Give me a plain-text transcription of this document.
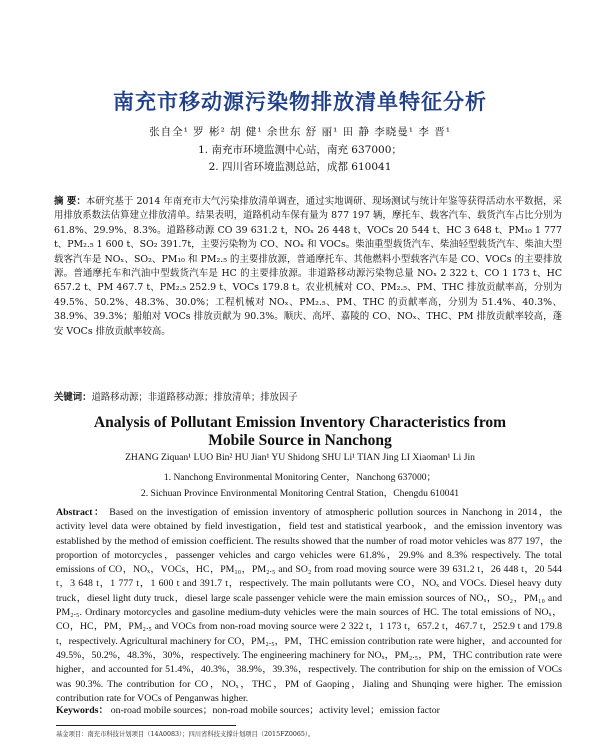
南充市移动源污染物排放清单特征分析
张自全¹ 罗 彬² 胡 健¹ 余世东 舒 丽¹ 田 静 李晓曼¹ 李 晋¹
1. 南充市环境监测中心站，南充 637000；
2. 四川省环境监测总站，成都 610041
摘 要：本研究基于 2014 年南充市大气污染排放清单调查，通过实地调研、现场测试与统计年鉴等获得活动水平数据，采用排放系数法估算建立排放清单。结果表明，道路机动车保有量为 877 197 辆，摩托车、载客汽车、载货汽车占比分别为 61.8%、29.9%、8.3%。道路移动源 CO 39 631.2 t，NOₓ 26 448 t、VOCs 20 544 t、HC 3 648 t、PM₁₀ 1 777 t、PM₂.₅ 1 600 t、SO₂ 391.7t，主要污染物为 CO、NOₓ 和 VOCs。柴油重型载货汽车、柴油轻型载货汽车、柴油大型载客汽车是 NOₓ、SO₂、PM₁₀ 和 PM₂.₅ 的主要排放源，普通摩托车、其他燃料小型载客汽车是 CO、VOCs 的主要排放源。普通摩托车和汽油中型载货汽车是 HC 的主要排放源。非道路移动源污染物总量 NOₓ 2 322 t、CO 1 173 t、HC 657.2 t、PM 467.7 t、PM₂.₅ 252.9 t、VOCs 179.8 t。农业机械对 CO、PM₂.₅、PM、THC 排放贡献率高，分别为 49.5%、50.2%、48.3%、30.0%；工程机械对 NOₓ、PM₂.₅、PM、THC 的贡献率高，分别为 51.4%、40.3%、38.9%、39.3%；船舶对 VOCs 排放贡献为 90.3%。顺庆、高坪、嘉陵的 CO、NOₓ、THC、PM 排放贡献率较高，蓬安 VOCs 排放贡献率较高。
关键词：道路移动源；非道路移动源；排放清单；排放因子
Analysis of Pollutant Emission Inventory Characteristics from
Mobile Source in Nanchong
ZHANG Ziquan¹ LUO Bin² HU Jian¹ YU Shidong SHU Li¹ TIAN Jing LI Xiaoman¹ Li Jin
1. Nanchong Environmental Monitoring Center，Nanchong 637000；
2. Sichuan Province Environmental Monitoring Central Station，Chengdu 610041
Abstract： Based on the investigation of emission inventory of atmospheric pollution sources in Nanchong in 2014，the activity level data were obtained by field investigation，field test and statistical yearbook，and the emission inventory was established by the method of emission coefficient. The results showed that the number of road motor vehicles was 877 197，the proportion of motorcycles，passenger vehicles and cargo vehicles were 61.8%，29.9% and 8.3% respectively. The total emissions of CO，NOₓ，VOCs，HC，PM₁₀，PM₂.₅ and SO₂ from road moving source were 39 631.2 t，26 448 t，20 544 t，3 648 t，1 777 t，1 600 t and 391.7 t，respectively. The main pollutants were CO，NOₓ and VOCs. Diesel heavy duty truck，diesel light duty truck，diesel large scale passenger vehicle were the main emission sources of NOₓ，SO₂，PM₁₀ and PM₂.₅. Ordinary motorcycles and gasoline medium-duty vehicles were the main sources of HC. The total emissions of NOₓ，CO，HC，PM，PM₂.₅ and VOCs from non-road moving source were 2 322 t，1 173 t，657.2 t，467.7 t，252.9 t and 179.8 t，respectively. Agricultural machinery for CO，PM₂.₅，PM，THC emission contribution rate were higher，and accounted for 49.5%，50.2%，48.3%，30%，respectively. The engineering machinery for NOₓ，PM₂.₅，PM，THC contribution rate were higher，and accounted for 51.4%，40.3%，38.9%，39.3%，respectively. The contribution for ship on the emission of VOCs was 90.3%. The contribution for CO，NOₓ，THC，PM of Gaoping，Jialing and Shunqing were higher. The emission contribution rate for VOCs of Penganwas higher.
Keywords： on-road mobile sources；non-road mobile sources；activity level；emission factor
基金项目：南充市科技计划项目（14A0083）；四川省科技支撑计划项目（2015FZ0065）。
